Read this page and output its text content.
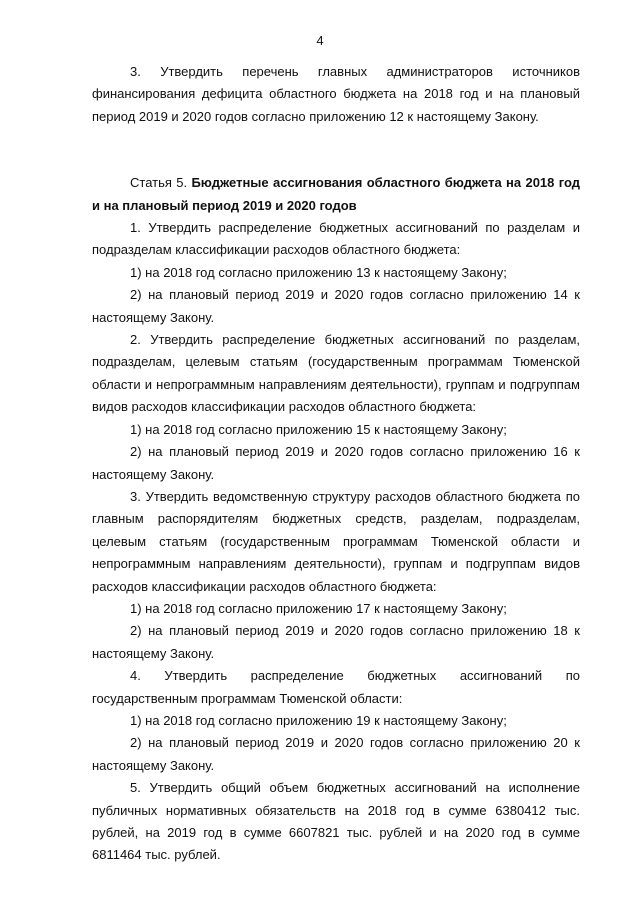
4

3. Утвердить перечень главных администраторов источников финансирования дефицита областного бюджета на 2018 год и на плановый период 2019 и 2020 годов согласно приложению 12 к настоящему Закону.

Статья 5. Бюджетные ассигнования областного бюджета на 2018 год и на плановый период 2019 и 2020 годов

1. Утвердить распределение бюджетных ассигнований по разделам и подразделам классификации расходов областного бюджета:

1) на 2018 год согласно приложению 13 к настоящему Закону;

2) на плановый период 2019 и 2020 годов согласно приложению 14 к настоящему Закону.

2. Утвердить распределение бюджетных ассигнований по разделам, подразделам, целевым статьям (государственным программам Тюменской области и непрограммным направлениям деятельности), группам и подгруппам видов расходов классификации расходов областного бюджета:

1) на 2018 год согласно приложению 15 к настоящему Закону;

2) на плановый период 2019 и 2020 годов согласно приложению 16 к настоящему Закону.

3. Утвердить ведомственную структуру расходов областного бюджета по главным распорядителям бюджетных средств, разделам, подразделам, целевым статьям (государственным программам Тюменской области и непрограммным направлениям деятельности), группам и подгруппам видов расходов классификации расходов областного бюджета:

1) на 2018 год согласно приложению 17 к настоящему Закону;

2) на плановый период 2019 и 2020 годов согласно приложению 18 к настоящему Закону.

4. Утвердить распределение бюджетных ассигнований по государственным программам Тюменской области:

1) на 2018 год согласно приложению 19 к настоящему Закону;

2) на плановый период 2019 и 2020 годов согласно приложению 20 к настоящему Закону.

5. Утвердить общий объем бюджетных ассигнований на исполнение публичных нормативных обязательств на 2018 год в сумме 6380412 тыс. рублей, на 2019 год в сумме 6607821 тыс. рублей и на 2020 год в сумме 6811464 тыс. рублей.
